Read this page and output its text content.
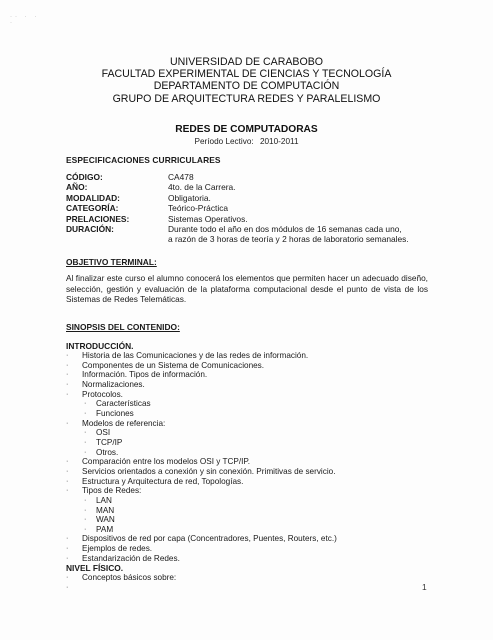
·· · · ·
UNIVERSIDAD DE CARABOBO
FACULTAD EXPERIMENTAL DE CIENCIAS Y TECNOLOGÍA
DEPARTAMENTO DE COMPUTACIÓN
GRUPO DE ARQUITECTURA REDES Y PARALELISMO
REDES DE COMPUTADORAS
Período Lectivo: 2010-2011
ESPECIFICACIONES CURRICULARES
CÓDIGO:	CA478
AÑO:	4to. de la Carrera.
MODALIDAD:	Obligatoria.
CATEGORÍA:	Teórico-Práctica
PRELACIONES:	Sistemas Operativos.
DURACIÓN:	Durante todo el año en dos módulos de 16 semanas cada uno,
a razón de 3 horas de teoría y 2 horas de laboratorio semanales.
OBJETIVO TERMINAL:
Al finalizar este curso el alumno conocerá los elementos que permiten hacer un adecuado diseño, selección, gestión y evaluación de la plataforma computacional desde el punto de vista de los Sistemas de Redes Telemáticas.
SINOPSIS DEL CONTENIDO:
INTRODUCCIÓN.
· Historia de las Comunicaciones y de las redes de información.
· Componentes de un Sistema de Comunicaciones.
· Información. Tipos de información.
· Normalizaciones.
· Protocolos.
· Características
· Funciones
· Modelos de referencia:
· OSI
· TCP/IP
· Otros.
· Comparación entre los modelos OSI y TCP/IP.
· Servicios orientados a conexión y sin conexión. Primitivas de servicio.
· Estructura y Arquitectura de red, Topologías.
· Tipos de Redes:
· LAN
· MAN
· WAN
· PAM
· Dispositivos de red por capa (Concentradores, Puentes, Routers, etc.)
· Ejemplos de redes.
· Estandarización de Redes.
NIVEL FÍSICO.
· Conceptos básicos sobre:
·	1
